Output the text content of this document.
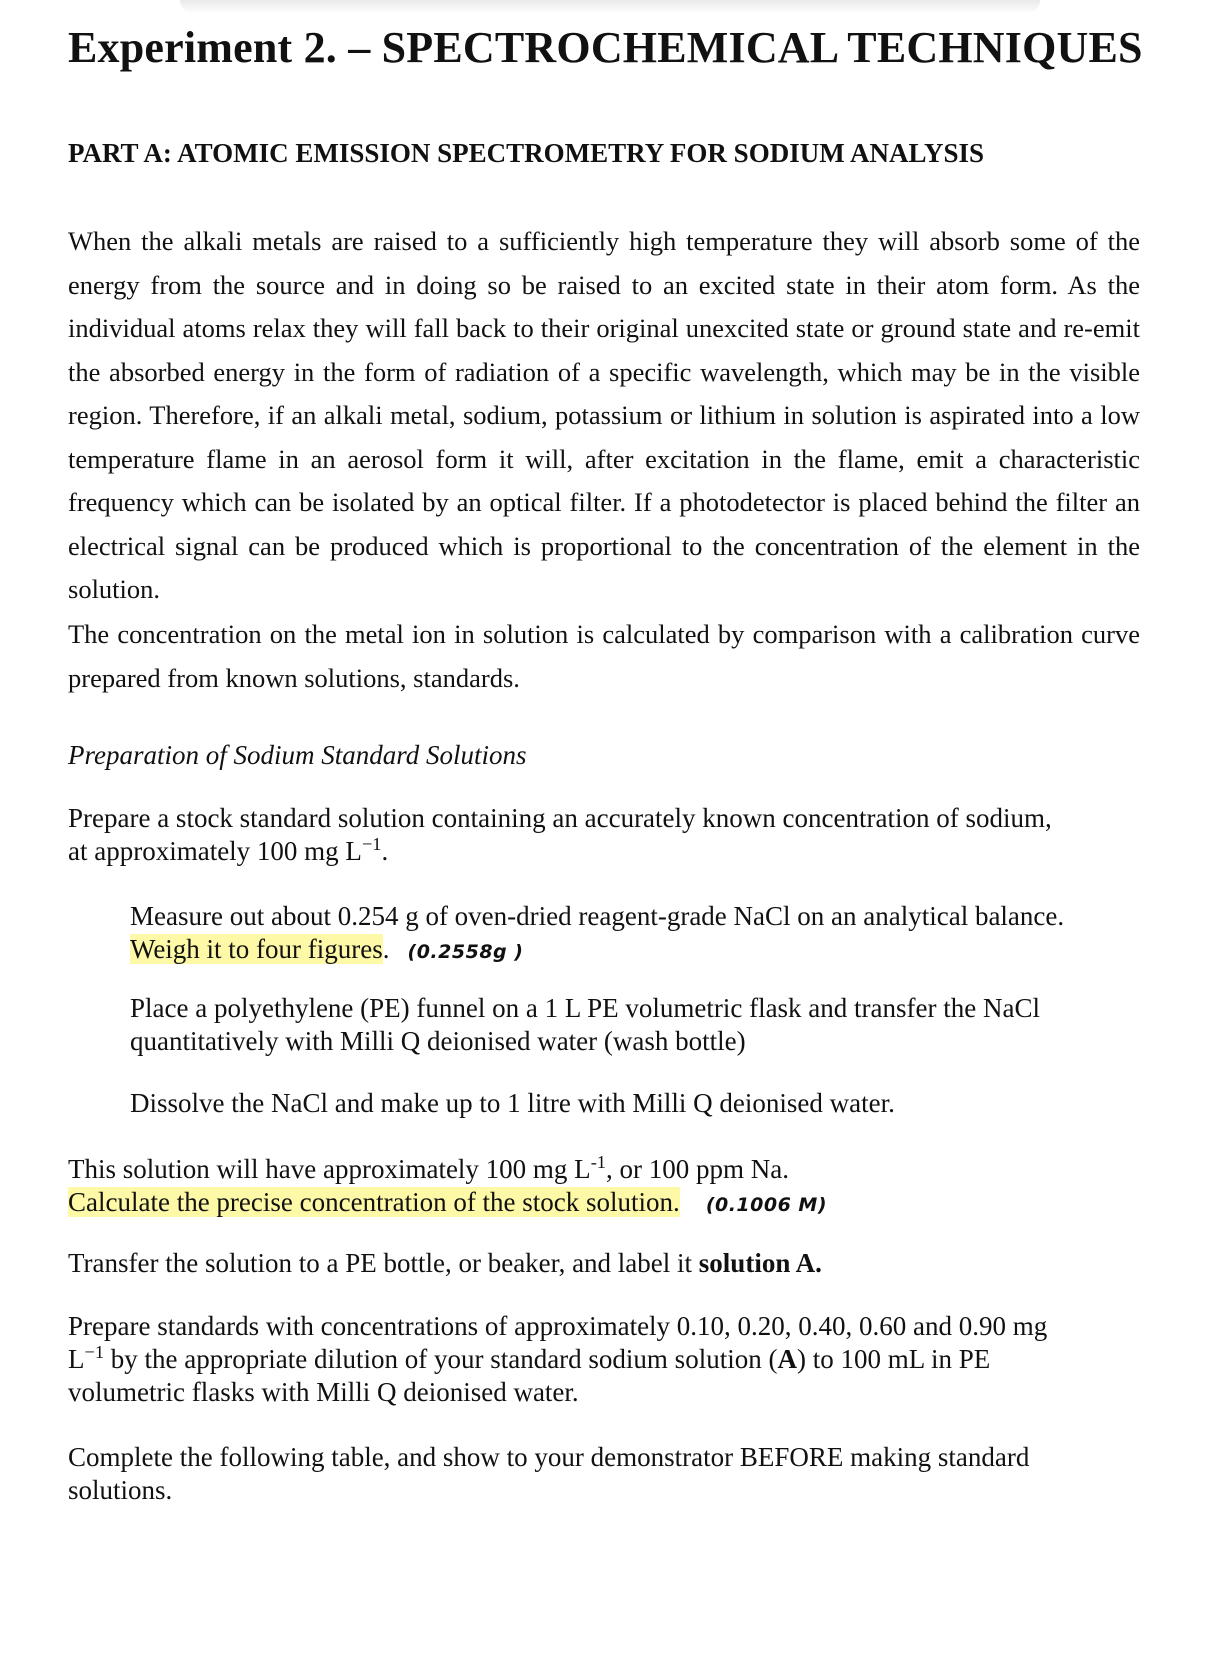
Experiment 2. – SPECTROCHEMICAL TECHNIQUES
PART A: ATOMIC EMISSION SPECTROMETRY FOR SODIUM ANALYSIS

When the alkali metals are raised to a sufficiently high temperature they will absorb some of the energy from the source and in doing so be raised to an excited state in their atom form. As the individual atoms relax they will fall back to their original unexcited state or ground state and re-emit the absorbed energy in the form of radiation of a specific wavelength, which may be in the visible region. Therefore, if an alkali metal, sodium, potassium or lithium in solution is aspirated into a low temperature flame in an aerosol form it will, after excitation in the flame, emit a characteristic frequency which can be isolated by an optical filter. If a photodetector is placed behind the filter an electrical signal can be produced which is proportional to the concentration of the element in the solution.

The concentration on the metal ion in solution is calculated by comparison with a calibration curve prepared from known solutions, standards.

Preparation of Sodium Standard Solutions

Prepare a stock standard solution containing an accurately known concentration of sodium,
at approximately 100 mg $L^{-1}$.

Measure out about 0.254 g of oven-dried reagent-grade NaCl on an analytical balance.
Weigh it to four figures. (0.2558g )

Place a polyethylene (PE) funnel on a 1 L PE volumetric flask and transfer the NaCl
quantitatively with Milli Q deionised water (wash bottle)

Dissolve the NaCl and make up to 1 litre with Milli Q deionised water.

This solution will have approximately 100 mg $L^{-1}$, or 100 ppm Na.
Calculate the precise concentration of the stock solution. (0.1006 M)

Transfer the solution to a PE bottle, or beaker, and label it solution A.

Prepare standards with concentrations of approximately 0.10, 0.20, 0.40, 0.60 and 0.90 mg
$L^{-1}$ by the appropriate dilution of your standard sodium solution (A) to 100 mL in PE
volumetric flasks with Milli Q deionised water.

Complete the following table, and show to your demonstrator BEFORE making standard
solutions.
